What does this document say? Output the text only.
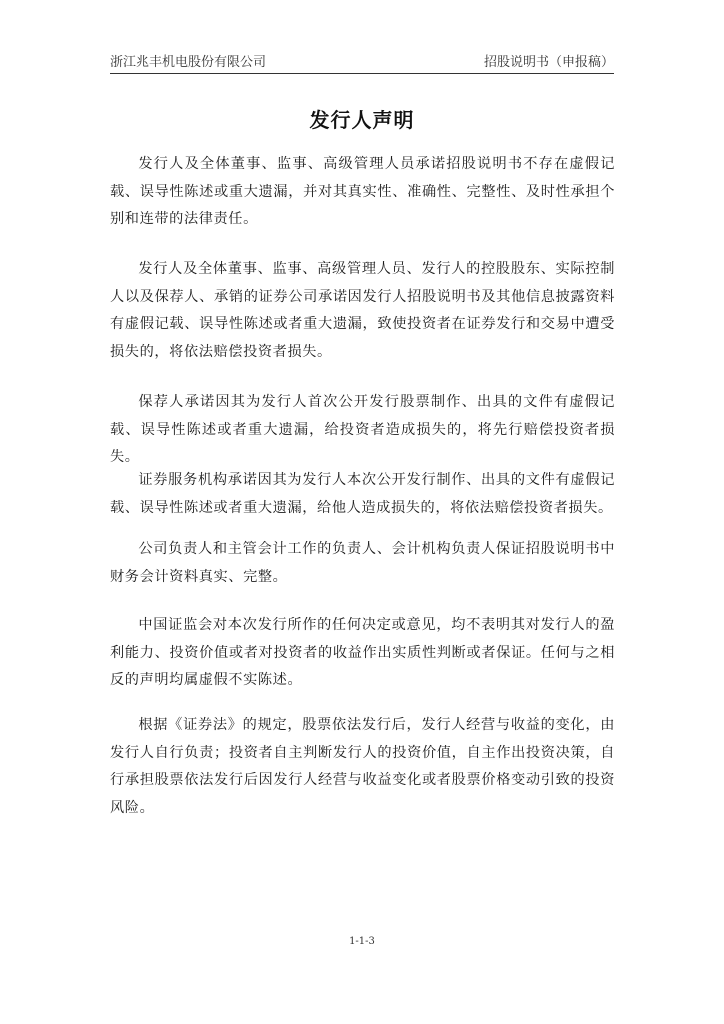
浙江兆丰机电股份有限公司	招股说明书（申报稿）
发行人声明

发行人及全体董事、监事、高级管理人员承诺招股说明书不存在虚假记载、误导性陈述或重大遗漏，并对其真实性、准确性、完整性、及时性承担个别和连带的法律责任。

发行人及全体董事、监事、高级管理人员、发行人的控股股东、实际控制人以及保荐人、承销的证券公司承诺因发行人招股说明书及其他信息披露资料有虚假记载、误导性陈述或者重大遗漏，致使投资者在证券发行和交易中遭受损失的，将依法赔偿投资者损失。

保荐人承诺因其为发行人首次公开发行股票制作、出具的文件有虚假记载、误导性陈述或者重大遗漏，给投资者造成损失的，将先行赔偿投资者损失。

证券服务机构承诺因其为发行人本次公开发行制作、出具的文件有虚假记载、误导性陈述或者重大遗漏，给他人造成损失的，将依法赔偿投资者损失。

公司负责人和主管会计工作的负责人、会计机构负责人保证招股说明书中财务会计资料真实、完整。

中国证监会对本次发行所作的任何决定或意见，均不表明其对发行人的盈利能力、投资价值或者对投资者的收益作出实质性判断或者保证。任何与之相反的声明均属虚假不实陈述。

根据《证券法》的规定，股票依法发行后，发行人经营与收益的变化，由发行人自行负责；投资者自主判断发行人的投资价值，自主作出投资决策，自行承担股票依法发行后因发行人经营与收益变化或者股票价格变动引致的投资风险。

1-1-3
